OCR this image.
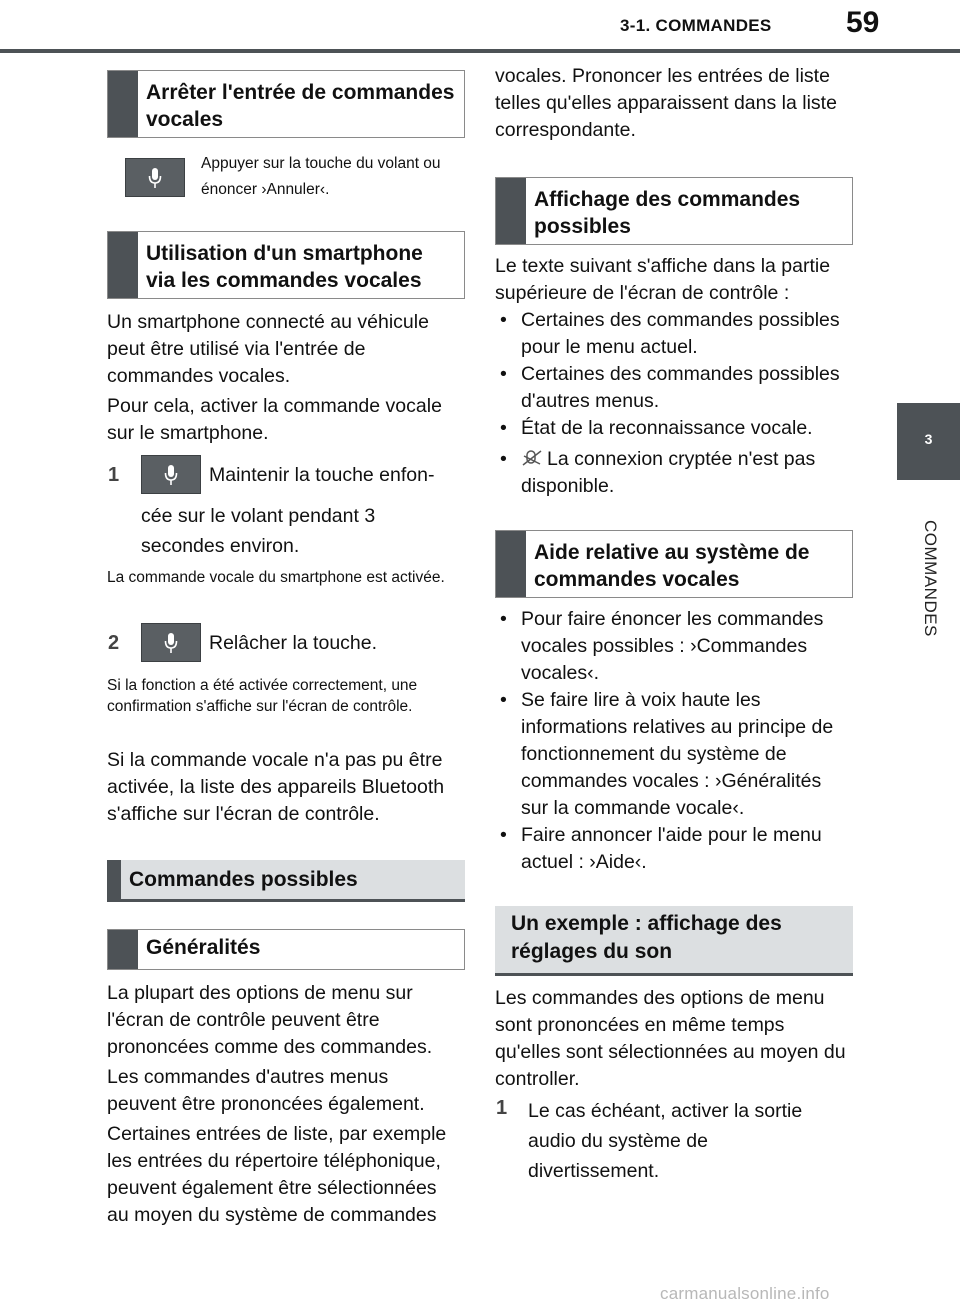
3-1. COMMANDES 59
3
COMMANDES
Arrêter l'entrée de commandes vocales
Appuyer sur la touche du volant ou énoncer ›Annuler‹.
Utilisation d'un smartphone via les commandes vocales
Un smartphone connecté au véhicule peut être utilisé via l'entrée de commandes vocales.
Pour cela, activer la commande vocale sur le smartphone.
1	Maintenir la touche enfon-
cée sur le volant pendant 3 secondes environ.
La commande vocale du smartphone est activée.
2	Relâcher la touche.
Si la fonction a été activée correctement, une confirmation s'affiche sur l'écran de contrôle.
Si la commande vocale n'a pas pu être activée, la liste des appareils Bluetooth s'affiche sur l'écran de contrôle.
Commandes possibles
Généralités
La plupart des options de menu sur l'écran de contrôle peuvent être prononcées comme des commandes.
Les commandes d'autres menus peuvent être prononcées également.
Certaines entrées de liste, par exemple les entrées du répertoire téléphonique, peuvent également être sélectionnées au moyen du système de commandes
vocales. Prononcer les entrées de liste telles qu'elles apparaissent dans la liste correspondante.
Affichage des commandes possibles
Le texte suivant s'affiche dans la partie supérieure de l'écran de contrôle :
• Certaines des commandes possibles pour le menu actuel.
• Certaines des commandes possibles d'autres menus.
• État de la reconnaissance vocale.
• La connexion cryptée n'est pas disponible.
Aide relative au système de commandes vocales
• Pour faire énoncer les commandes vocales possibles : ›Commandes vocales‹.
• Se faire lire à voix haute les informations relatives au principe de fonctionnement du système de commandes vocales : ›Généralités sur la commande vocale‹.
• Faire annoncer l'aide pour le menu actuel : ›Aide‹.
Un exemple : affichage des réglages du son
Les commandes des options de menu sont prononcées en même temps qu'elles sont sélectionnées au moyen du controller.
1 Le cas échéant, activer la sortie audio du système de divertissement.
carmanualsonline.info
